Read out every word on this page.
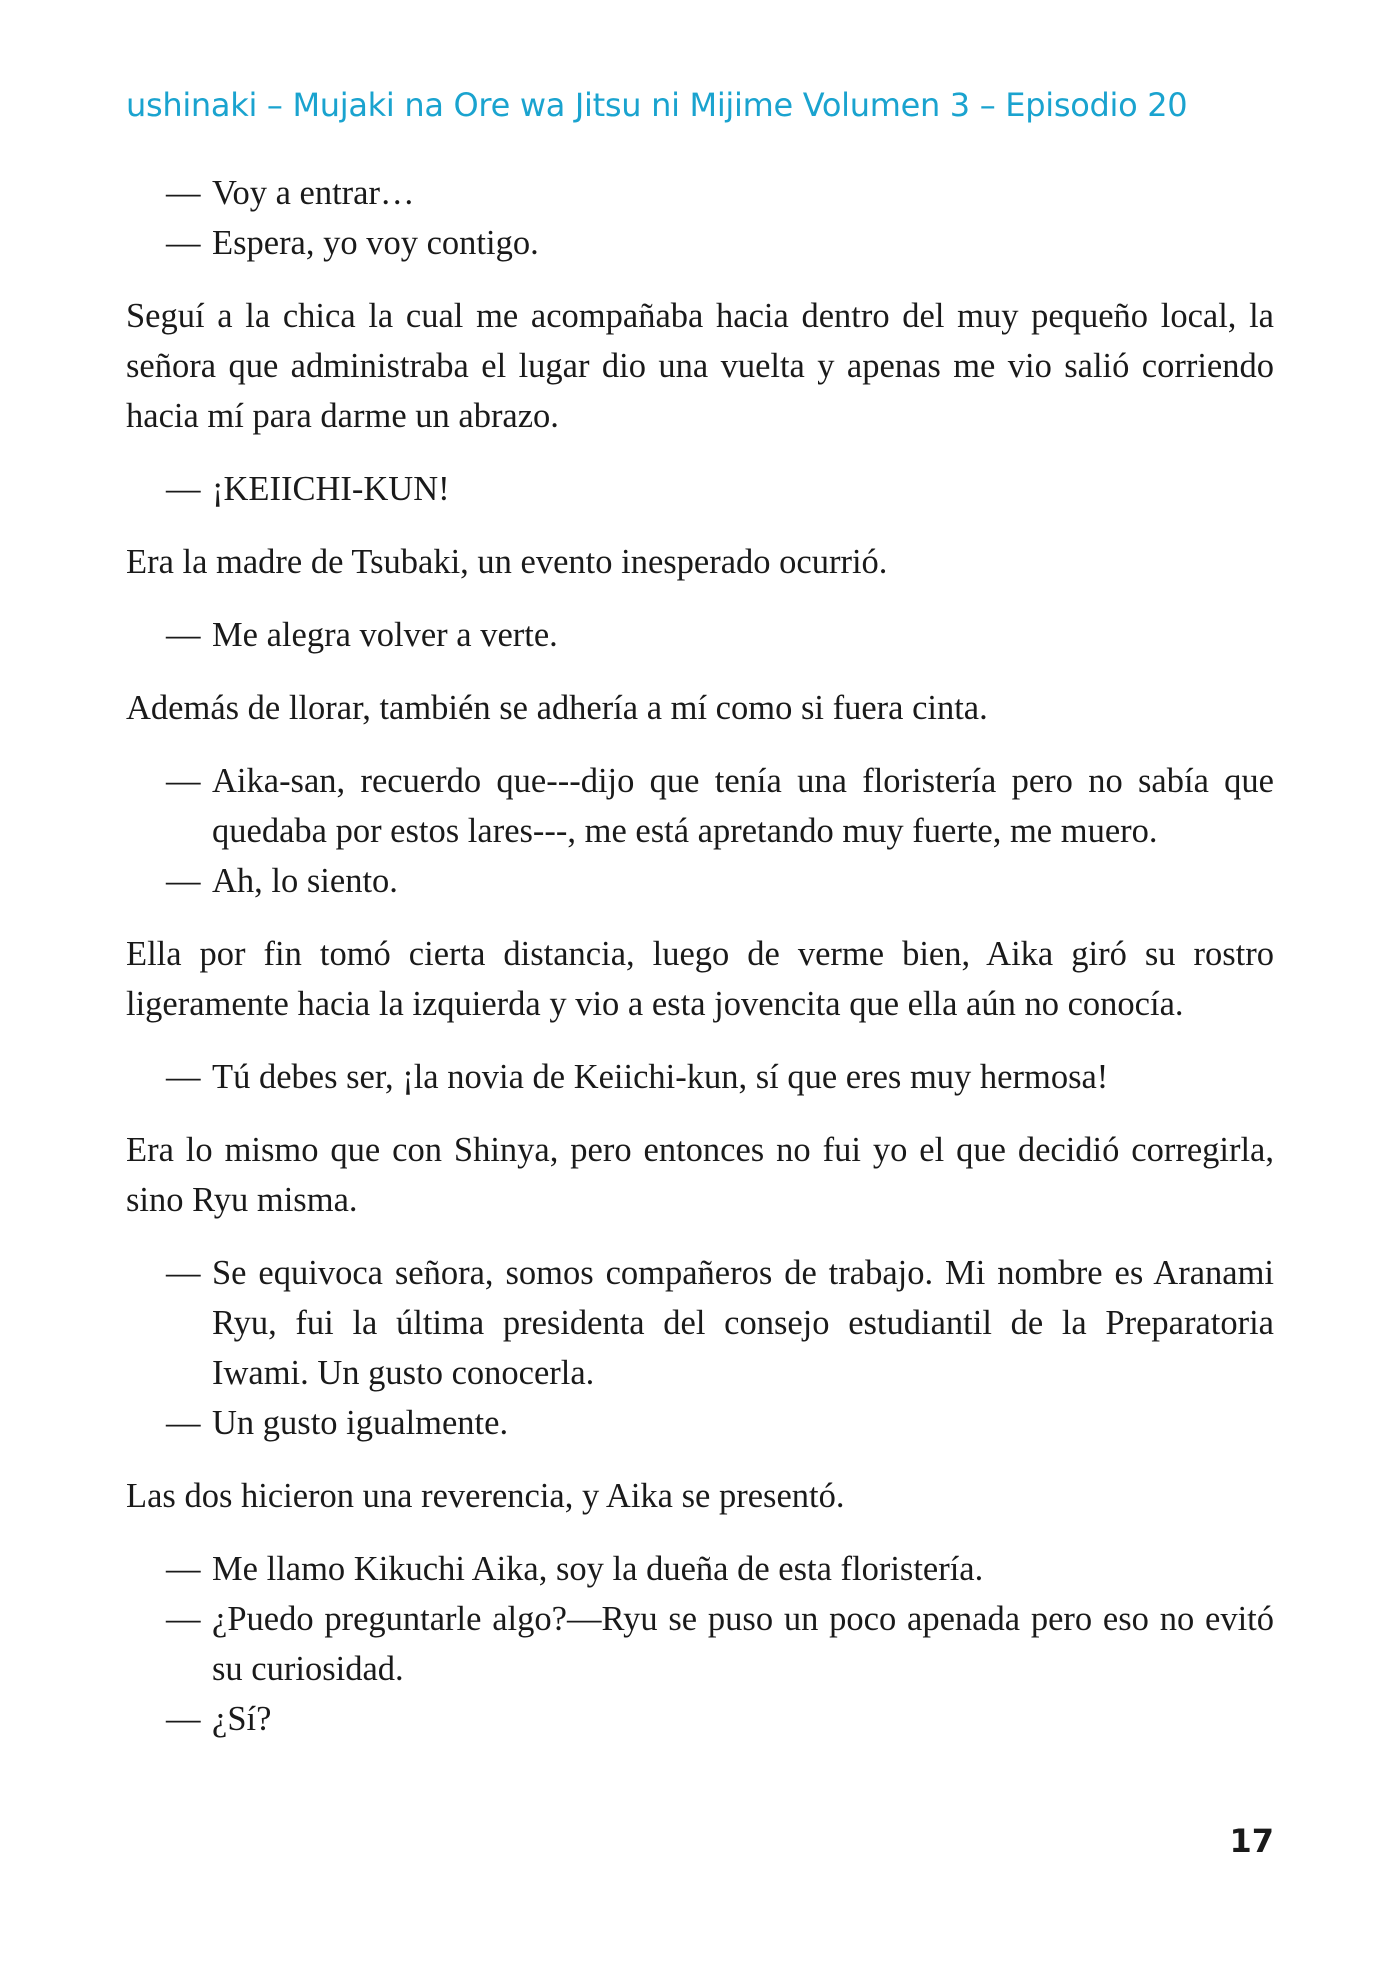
ushinaki – Mujaki na Ore wa Jitsu ni Mijime Volumen 3 – Episodio 20

— Voy a entrar…

— Espera, yo voy contigo.

Seguí a la chica la cual me acompañaba hacia dentro del muy pequeño local, la señora que administraba el lugar dio una vuelta y apenas me vio salió corriendo hacia mí para darme un abrazo.

— ¡KEIICHI-KUN!

Era la madre de Tsubaki, un evento inesperado ocurrió.

— Me alegra volver a verte.

Además de llorar, también se adhería a mí como si fuera cinta.

— Aika-san, recuerdo que---dijo que tenía una floristería pero no sabía que quedaba por estos lares---, me está apretando muy fuerte, me muero.

— Ah, lo siento.

Ella por fin tomó cierta distancia, luego de verme bien, Aika giró su rostro ligeramente hacia la izquierda y vio a esta jovencita que ella aún no conocía.

— Tú debes ser, ¡la novia de Keiichi-kun, sí que eres muy hermosa!

Era lo mismo que con Shinya, pero entonces no fui yo el que decidió corregirla, sino Ryu misma.

— Se equivoca señora, somos compañeros de trabajo. Mi nombre es Aranami Ryu, fui la última presidenta del consejo estudiantil de la Preparatoria Iwami. Un gusto conocerla.

— Un gusto igualmente.

Las dos hicieron una reverencia, y Aika se presentó.

— Me llamo Kikuchi Aika, soy la dueña de esta floristería.

— ¿Puedo preguntarle algo?—Ryu se puso un poco apenada pero eso no evitó su curiosidad.

— ¿Sí?

17
